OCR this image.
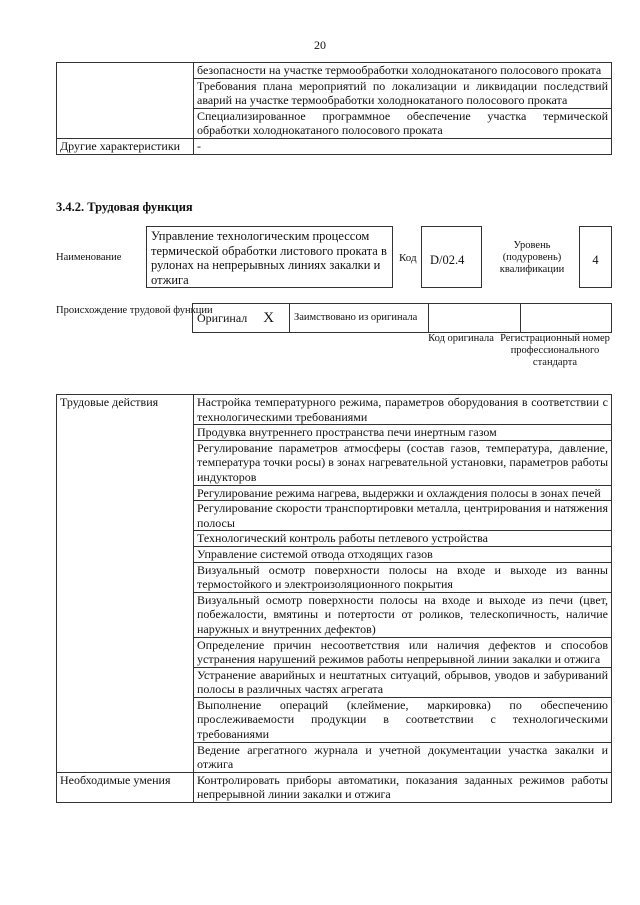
20
	безопасности на участке термообработки холоднокатаного полосового проката
	Требования плана мероприятий по локализации и ликвидации последствий аварий на участке термообработки холоднокатаного полосового проката
	Специализированное программное обеспечение участка термической обработки холоднокатаного полосового проката
Другие характеристики	-
3.4.2. Трудовая функция
Наименование
Управление технологическим процессом термической обработки листового проката в рулонах на непрерывных линиях закалки и отжига
Код	D/02.4
Уровень (подуровень) квалификации
4
Происхождение трудовой функции
Оригинал X	Заимствовано из оригинала		
Код оригинала Регистрационный номер профессионального стандарта
Трудовые действия	Настройка температурного режима, параметров оборудования в соответствии с технологическими требованиями
	Продувка внутреннего пространства печи инертным газом
	Регулирование параметров атмосферы (состав газов, температура, давление, температура точки росы) в зонах нагревательной установки, параметров работы индукторов
	Регулирование режима нагрева, выдержки и охлаждения полосы в зонах печей
	Регулирование скорости транспортировки металла, центрирования и натяжения полосы
	Технологический контроль работы петлевого устройства
	Управление системой отвода отходящих газов
	Визуальный осмотр поверхности полосы на входе и выходе из ванны термостойкого и электроизоляционного покрытия
	Визуальный осмотр поверхности полосы на входе и выходе из печи (цвет, побежалости, вмятины и потертости от роликов, телескопичность, наличие наружных и внутренних дефектов)
	Определение причин несоответствия или наличия дефектов и способов устранения нарушений режимов работы непрерывной линии закалки и отжига
	Устранение аварийных и нештатных ситуаций, обрывов, уводов и забуриваний полосы в различных частях агрегата
	Выполнение операций (клеймение, маркировка) по обеспечению прослеживаемости продукции в соответствии с технологическими требованиями
	Ведение агрегатного журнала и учетной документации участка закалки и отжига
Необходимые умения	Контролировать приборы автоматики, показания заданных режимов работы непрерывной линии закалки и отжига
